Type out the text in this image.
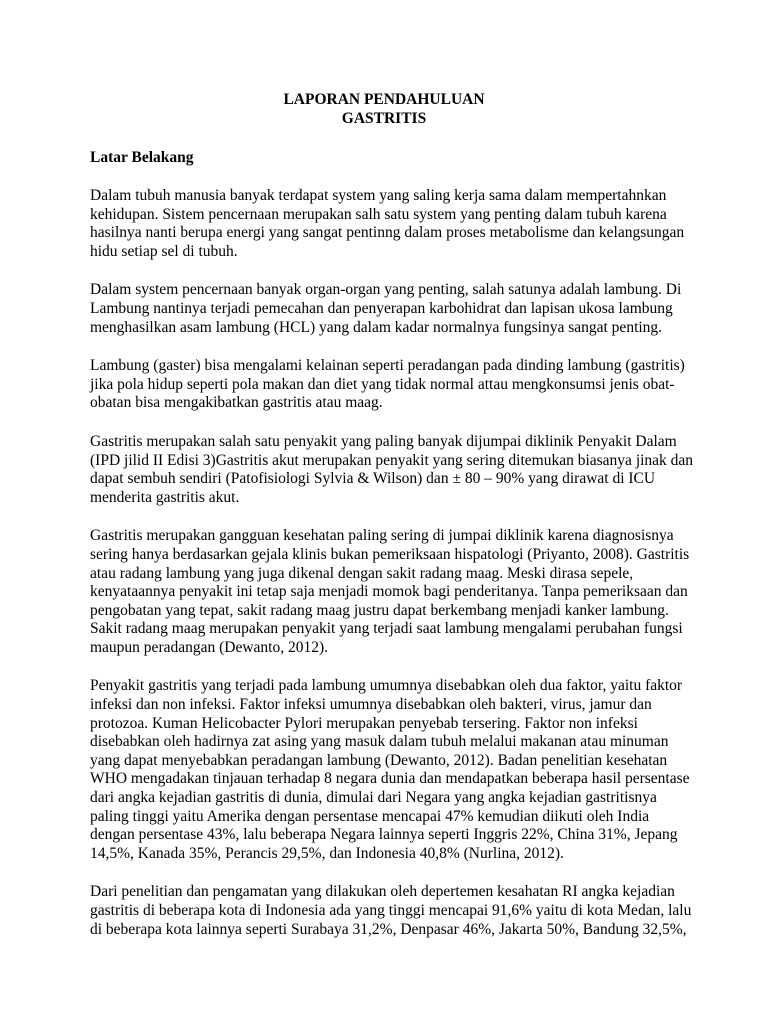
LAPORAN PENDAHULUAN
GASTRITIS
Latar Belakang

Dalam tubuh manusia banyak terdapat system yang saling kerja sama dalam mempertahnkan
kehidupan. Sistem pencernaan merupakan salh satu system yang penting dalam tubuh karena
hasilnya nanti berupa energi yang sangat pentinng dalam proses metabolisme dan kelangsungan
hidu setiap sel di tubuh.

Dalam system pencernaan banyak organ-organ yang penting, salah satunya adalah lambung. Di
Lambung nantinya terjadi pemecahan dan penyerapan karbohidrat dan lapisan ukosa lambung
menghasilkan asam lambung (HCL) yang dalam kadar normalnya fungsinya sangat penting.

Lambung (gaster) bisa mengalami kelainan seperti peradangan pada dinding lambung (gastritis)
jika pola hidup seperti pola makan dan diet yang tidak normal attau mengkonsumsi jenis obat-
obatan bisa mengakibatkan gastritis atau maag.

Gastritis merupakan salah satu penyakit yang paling banyak dijumpai diklinik Penyakit Dalam
(IPD jilid II Edisi 3)Gastritis akut merupakan penyakit yang sering ditemukan biasanya jinak dan
dapat sembuh sendiri (Patofisiologi Sylvia & Wilson) dan ± 80 – 90% yang dirawat di ICU
menderita gastritis akut.

Gastritis merupakan gangguan kesehatan paling sering di jumpai diklinik karena diagnosisnya
sering hanya berdasarkan gejala klinis bukan pemeriksaan hispatologi (Priyanto, 2008). Gastritis
atau radang lambung yang juga dikenal dengan sakit radang maag. Meski dirasa sepele,
kenyataannya penyakit ini tetap saja menjadi momok bagi penderitanya. Tanpa pemeriksaan dan
pengobatan yang tepat, sakit radang maag justru dapat berkembang menjadi kanker lambung.
Sakit radang maag merupakan penyakit yang terjadi saat lambung mengalami perubahan fungsi
maupun peradangan (Dewanto, 2012).

Penyakit gastritis yang terjadi pada lambung umumnya disebabkan oleh dua faktor, yaitu faktor
infeksi dan non infeksi. Faktor infeksi umumnya disebabkan oleh bakteri, virus, jamur dan
protozoa. Kuman Helicobacter Pylori merupakan penyebab tersering. Faktor non infeksi
disebabkan oleh hadirnya zat asing yang masuk dalam tubuh melalui makanan atau minuman
yang dapat menyebabkan peradangan lambung (Dewanto, 2012). Badan penelitian kesehatan
WHO mengadakan tinjauan terhadap 8 negara dunia dan mendapatkan beberapa hasil persentase
dari angka kejadian gastritis di dunia, dimulai dari Negara yang angka kejadian gastritisnya
paling tinggi yaitu Amerika dengan persentase mencapai 47% kemudian diikuti oleh India
dengan persentase 43%, lalu beberapa Negara lainnya seperti Inggris 22%, China 31%, Jepang
14,5%, Kanada 35%, Perancis 29,5%, dan Indonesia 40,8% (Nurlina, 2012).

Dari penelitian dan pengamatan yang dilakukan oleh depertemen kesahatan RI angka kejadian
gastritis di beberapa kota di Indonesia ada yang tinggi mencapai 91,6% yaitu di kota Medan, lalu
di beberapa kota lainnya seperti Surabaya 31,2%, Denpasar 46%, Jakarta 50%, Bandung 32,5%,
